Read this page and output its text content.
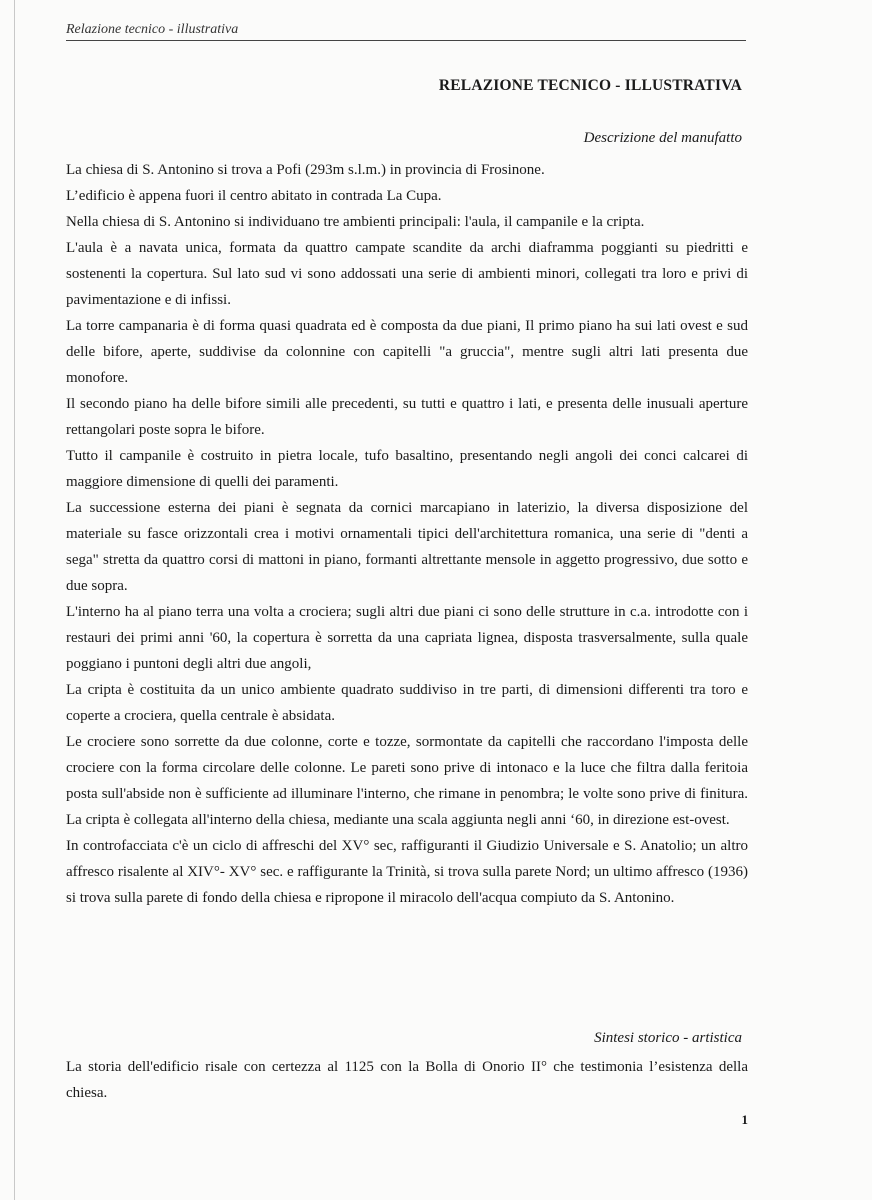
Relazione tecnico - illustrativa
RELAZIONE TECNICO - ILLUSTRATIVA
Descrizione del manufatto

La chiesa di S. Antonino si trova a Pofi (293m s.l.m.) in provincia di Frosinone.

L’edificio è appena fuori il centro abitato in contrada La Cupa.

Nella chiesa di S. Antonino si individuano tre ambienti principali: l'aula, il campanile e la cripta.

L'aula è a navata unica, formata da quattro campate scandite da archi diaframma poggianti su piedritti e sostenenti la copertura. Sul lato sud vi sono addossati una serie di ambienti minori, collegati tra loro e privi di pavimentazione e di infissi.

La torre campanaria è di forma quasi quadrata ed è composta da due piani, Il primo piano ha sui lati ovest e sud delle bifore, aperte, suddivise da colonnine con capitelli "a gruccia", mentre sugli altri lati presenta due monofore.

Il secondo piano ha delle bifore simili alle precedenti, su tutti e quattro i lati, e presenta delle inusuali aperture rettangolari poste sopra le bifore.

Tutto il campanile è costruito in pietra locale, tufo basaltino, presentando negli angoli dei conci calcarei di maggiore dimensione di quelli dei paramenti.

La successione esterna dei piani è segnata da cornici marcapiano in laterizio, la diversa disposizione del materiale su fasce orizzontali crea i motivi ornamentali tipici dell'architettura romanica, una serie di "denti a sega" stretta da quattro corsi di mattoni in piano, formanti altrettante mensole in aggetto progressivo, due sotto e due sopra.

L'interno ha al piano terra una volta a crociera; sugli altri due piani ci sono delle strutture in c.a. introdotte con i restauri dei primi anni '60, la copertura è sorretta da una capriata lignea, disposta trasversalmente, sulla quale poggiano i puntoni degli altri due angoli,

La cripta è costituita da un unico ambiente quadrato suddiviso in tre parti, di dimensioni differenti tra toro e coperte a crociera, quella centrale è absidata.

Le crociere sono sorrette da due colonne, corte e tozze, sormontate da capitelli che raccordano l'imposta delle crociere con la forma circolare delle colonne. Le pareti sono prive di intonaco e la luce che filtra dalla feritoia posta sull'abside non è sufficiente ad illuminare l'interno, che rimane in penombra; le volte sono prive di finitura. La cripta è collegata all'interno della chiesa, mediante una scala aggiunta negli anni ‘60, in direzione est-ovest.

In controfacciata c'è un ciclo di affreschi del XV° sec, raffiguranti il Giudizio Universale e S. Anatolio; un altro affresco risalente al XIV°- XV° sec. e raffigurante la Trinità, si trova sulla parete Nord; un ultimo affresco (1936) si trova sulla parete di fondo della chiesa e ripropone il miracolo dell'acqua compiuto da S. Antonino.

Sintesi storico - artistica

La storia dell'edificio risale con certezza al 1125 con la Bolla di Onorio II° che testimonia l’esistenza della chiesa.

1
